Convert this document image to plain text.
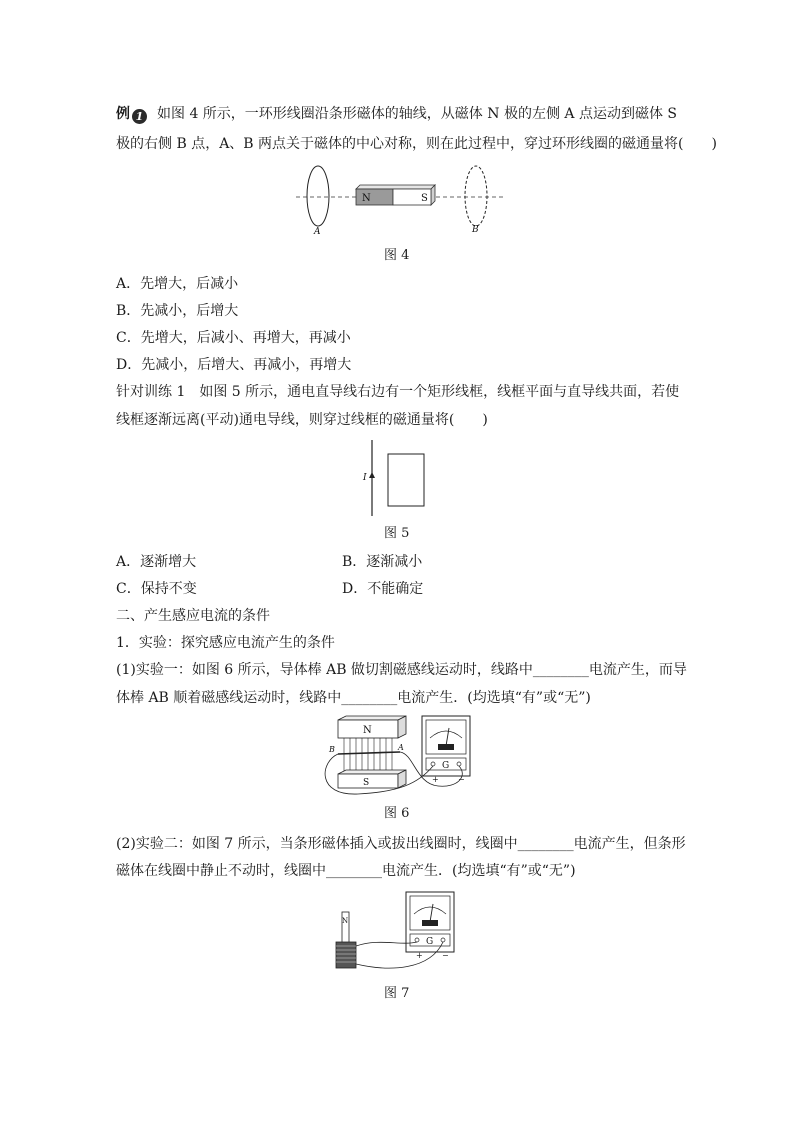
例 1 如图 4 所示，一环形线圈沿条形磁体的轴线，从磁体 N 极的左侧 A 点运动到磁体 S
极的右侧 B 点，A、B 两点关于磁体的中心对称，则在此过程中，穿过环形线圈的磁通量将(　　)
N	S
A	B
图 4
A．先增大，后减小
B．先减小，后增大
C．先增大，后减小、再增大，再减小
D．先减小，后增大、再减小，再增大
针对训练 1　如图 5 所示，通电直导线右边有一个矩形线框，线框平面与直导线共面，若使
线框逐渐远离(平动)通电导线，则穿过线框的磁通量将(　　)
I
图 5
A．逐渐增大	B．逐渐减小
C．保持不变	D．不能确定
二、产生感应电流的条件
1．实验：探究感应电流产生的条件
(1)实验一：如图 6 所示，导体棒 AB 做切割磁感线运动时，线路中________电流产生，而导
体棒 AB 顺着磁感线运动时，线路中________电流产生．(均选填“有”或“无”)
N
B	A
S
G
+ −
图 6
(2)实验二：如图 7 所示，当条形磁体插入或拔出线圈时，线圈中________电流产生，但条形
磁体在线圈中静止不动时，线圈中________电流产生．(均选填“有”或“无”)
N
G
+ −
图 7
